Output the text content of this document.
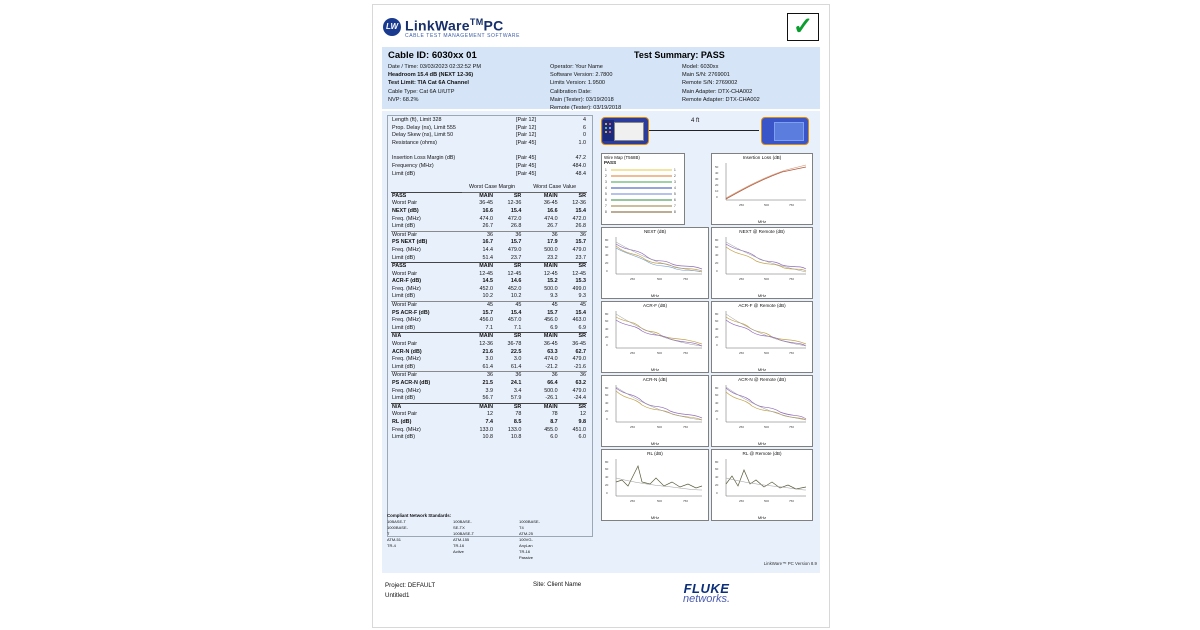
LW LinkWare™PC
CABLE TEST MANAGEMENT SOFTWARE	✓
Cable ID: 6030xx 01	Test Summary: PASS
Date / Time: 03/03/2023 02:32:52 PM
Headroom 15.4 dB (NEXT 12-36)
Test Limit: TIA Cat 6A Channel
Cable Type: Cat 6A U/UTP
NVP: 68.2%
Operator: Your Name
Software Version: 2.7800
Limits Version: 1.9500
Calibration Date:
Main (Tester): 03/19/2018
Remote (Tester): 03/19/2018
Model: 6030xx
Main S/N: 2769001
Remote S/N: 2769002
Main Adapter: DTX-CHA002
Remote Adapter: DTX-CHA002
Length (ft), Limit 328	[Pair 12]	4
Prop. Delay (ns), Limit 555	[Pair 12]	6
Delay Skew (ns), Limit 50	[Pair 12]	0
Resistance (ohms)	[Pair 45]	1.0

Insertion Loss Margin (dB)	[Pair 45]	47.2
Frequency (MHz)	[Pair 45]	484.0
Limit (dB)	[Pair 45]	48.4
	Worst Case Margin		Worst Case Value	
PASS	MAIN	SR	MAIN	SR
Worst Pair	36-45	12-36	36-45	12-36
NEXT (dB)	16.6	15.4	16.6	15.4
Freq. (MHz)	474.0	472.0	474.0	472.0
Limit (dB)	26.7	26.8	26.7	26.8
Worst Pair	36	36	36	36
PS NEXT (dB)	16.7	15.7	17.9	15.7
Freq. (MHz)	14.4	479.0	500.0	479.0
Limit (dB)	51.4	23.7	23.2	23.7
PASS	MAIN	SR	MAIN	SR
Worst Pair	12-45	12-45	12-45	12-45
ACR-F (dB)	14.5	14.6	15.2	15.3
Freq. (MHz)	452.0	452.0	500.0	499.0
Limit (dB)	10.2	10.2	9.3	9.3
Worst Pair	45	45	45	45
PS ACR-F (dB)	15.7	15.4	15.7	15.4
Freq. (MHz)	456.0	457.0	456.0	463.0
Limit (dB)	7.1	7.1	6.9	6.9
N/A	MAIN	SR	MAIN	SR
Worst Pair	12-36	36-78	36-45	36-45
ACR-N (dB)	21.6	22.5	63.3	62.7
Freq. (MHz)	3.0	3.0	474.0	479.0
Limit (dB)	61.4	61.4	-21.2	-21.6
Worst Pair	36	36	36	36
PS ACR-N (dB)	21.5	24.1	66.4	63.2
Freq. (MHz)	3.9	3.4	500.0	479.0
Limit (dB)	56.7	57.9	-26.1	-24.4
N/A	MAIN	SR	MAIN	SR
Worst Pair	12	78	78	12
RL (dB)	7.4	8.5	8.7	9.8
Freq. (MHz)	133.0	133.0	455.0	451.0
Limit (dB)	10.8	10.8	6.0	6.0
4 ft
Wire Map (T568B)
PASS
1
2
3
4
5
6
7
8
1
2
3
4
5
6
7
8
Insertion Loss (dB)
0
10
20
30
40
50
250	500	750
MHz
NEXT (dB)
0
20
40
60
80
250	500	750
MHz
NEXT @ Remote (dB)
0
20
40
60
80
250	500	750
MHz
ACR-F (dB)
0
20
40
60
80
250	500	750
MHz
ACR-F @ Remote (dB)
0
20
40
60
80
250	500	750
MHz
ACR-N (dB)
0
20
40
60
80
250	500	750
MHz
ACR-N @ Remote (dB)
0
20
40
60
80
250	500	750
MHz
RL (dB)
0
20
40
60
80
250	500	750
MHz
RL @ Remote (dB)
0
20
40
60
80
250	500	750
MHz
Compliant Network Standards:
10BASE-T
1000BASE-T
ATM-51
TR-4
100BASE-SE-TX
100BASE-T
ATM-155
TR-16 Active
1000BASE-T4
ATM-25
100VG-AnyLan
TR-16 Passive
LinkWare™ PC Version 8.9
Project: DEFAULT
Untitled1
Site: Client Name	FLUKE
networks.
